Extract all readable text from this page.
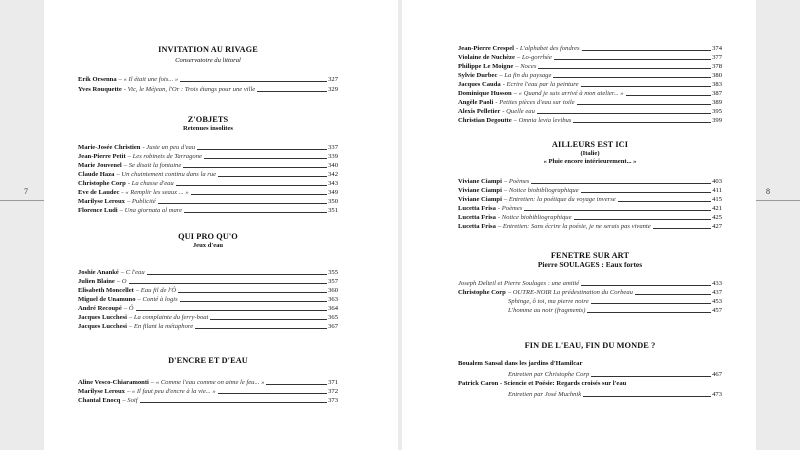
7	8
INVITATION AU RIVAGE
Conservatoire du littoral
Erik Orsenna – « Il était une fois... »	327
Yves Rouquette - Vic, le Méjean, l'Or : Trois étangs pour une ville	329
Z'OBJETS
Retenues insolites
Marie-Josée Christien - Juste un peu d'eau	337
Jean-Pierre Petit – Les robinets de Tarragone	339
Marie Jouvenel – Se disait la fontaine	340
Claude Haza – Un chuintement continu dans la rue	342
Christophe Corp - La chasse d'eau	343
Eve de Laudec - « Remplir les seaux ... »	349
Marilyse Leroux – Publicité	350
Florence Ludi – Una giornata al mare	351
QUI PRO QU'O
Jeux d'eau
Joshie Ananké – C l'eau	355
Julien Blaine – O	357
Elisabeth Moncellet – Eau fil de l'Ô	360
Miguel de Unamuno – Conté à logis	363
André Recoupé – Ô	364
Jacques Lucchesi – La complainte du ferry-boat	365
Jacques Lucchesi – En filant la métaphore	367
D'ENCRE ET D'EAU
Aline Vesco-Chiaramonti – « Comme l'eau comme on aime le feu... »	371
Marilyse Leroux – « Il faut peu d'encre à la vie... »	372
Chantal Enocq – Soif	373
Jean-Pierre Crespel - L'alphabet des fondres	374
Violaine de Nuchèze – Lo-gorrhée	377
Philippe Le Moigne – Noces	378
Sylvie Durbec – La fin du paysage	380
Jacques Cauda - Ecrire l'eau par la peinture	383
Dominique Husson – « Quand je suis arrivé à mon atelier... »	387
Angèle Paoli - Petites pièces d'eau sur toile	389
Alexis Pelletier - Quelle eau	395
Christian Degoutte – Omnia levia levibus	399
AILLEURS EST ICI
(Italie)
« Pluie encore intérieurement... »
Viviane Ciampi – Poèmes	403
Viviane Ciampi – Notice biobibliographique	411
Viviane Ciampi – Entretien: la poétique du voyage inverse	415
Lucetta Frisa - Poèmes	421
Lucetta Frisa - Notice biobibliographique	425
Lucetta Frisa – Entretien: Sans écrire la poésie, je ne serais pas vivante	427
FENETRE SUR ART
Pierre SOULAGES : Eaux fortes
Joseph Delteil et Pierre Soulages : une amitié	433
Christophe Corp – OUTRE-NOIR La prédestination du Corbeau	437
Sphinge, ô toi, ma pierre noire	453
L'homme au noir (fragments)	457
FIN DE L'EAU, FIN DU MONDE ?
Boualem Sansal dans les jardins d'Hamilcar
Entretien par Christophe Corp	467
Patrick Caron - Sciencie et Poésie: Regards croisés sur l'eau
Entretien par José Muchnik	473
